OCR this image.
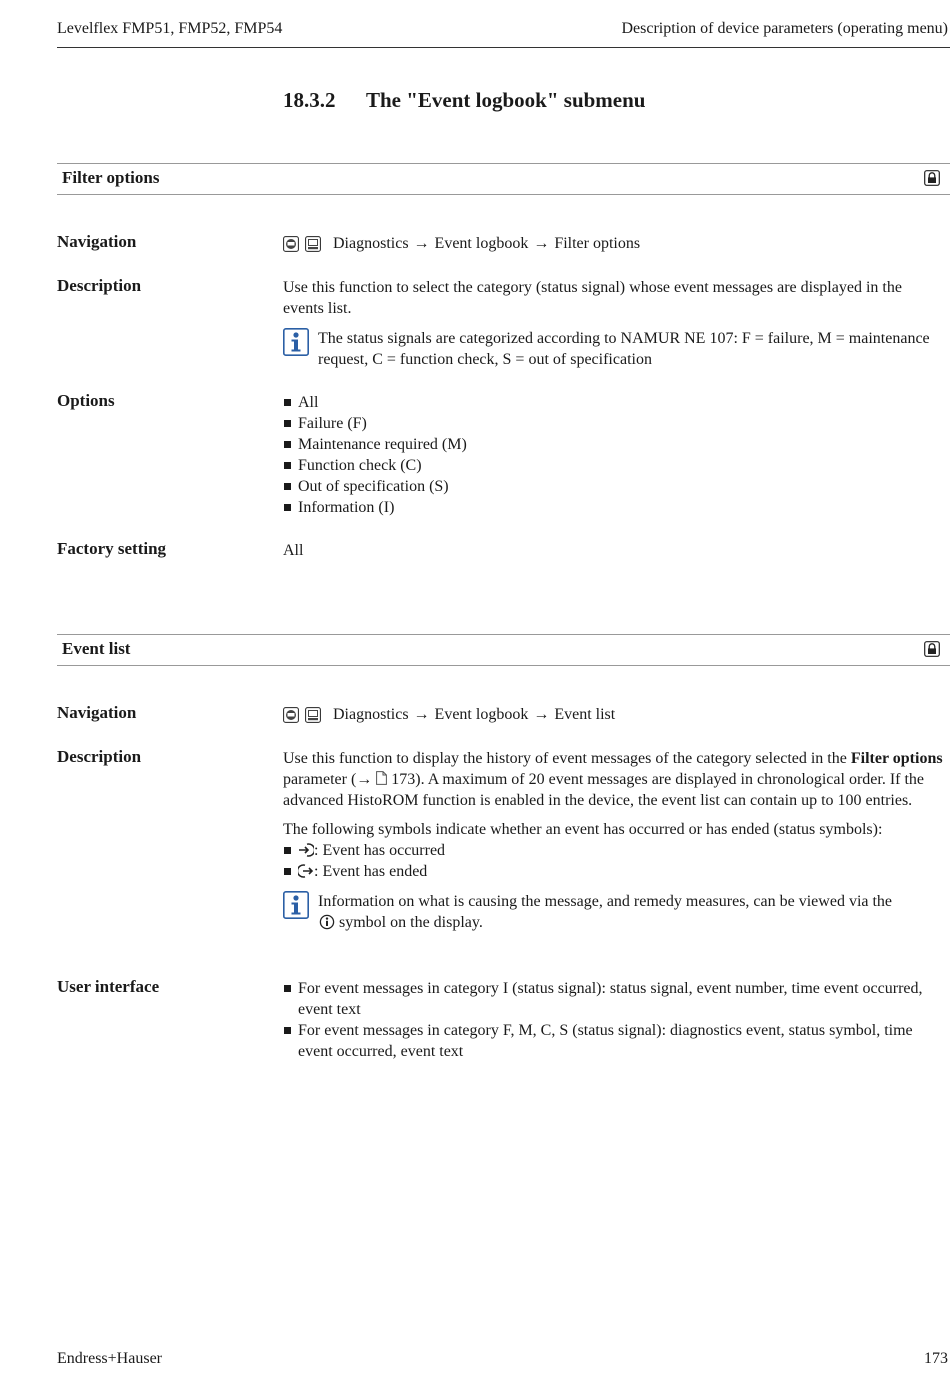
Levelflex FMP51, FMP52, FMP54	Description of device parameters (operating menu)
18.3.2 The "Event logbook" submenu
Filter options
Navigation	Diagnostics → Event logbook → Filter options
Description	Use this function to select the category (status signal) whose event messages are displayed in the events list.

The status signals are categorized according to NAMUR NE 107: F = failure, M = maintenance request, C = function check, S = out of specification
Options	All
Failure (F)
Maintenance required (M)
Function check (C)
Out of specification (S)
Information (I)
Factory setting	All
Event list
Navigation	Diagnostics → Event logbook → Event list
Description	Use this function to display the history of event messages of the category selected in the Filter options parameter (→ 173). A maximum of 20 event messages are displayed in chronological order. If the advanced HistoROM function is enabled in the device, the event list can contain up to 100 entries.

The following symbols indicate whether an event has occurred or has ended (status symbols):

: Event has occurred
: Event has ended
Information on what is causing the message, and remedy measures, can be viewed via the
symbol on the display.
User interface	For event messages in category I (status signal): status signal, event number, time event occurred, event text
For event messages in category F, M, C, S (status signal): diagnostics event, status symbol, time event occurred, event text
Endress+Hauser	173
